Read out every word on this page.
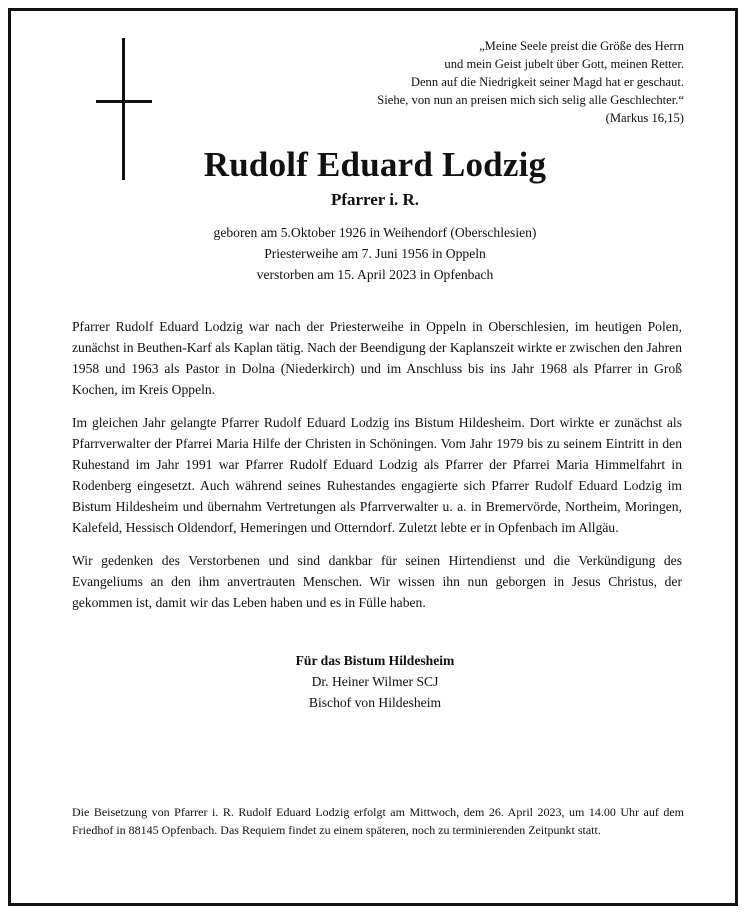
„Meine Seele preist die Größe des Herrn

und mein Geist jubelt über Gott, meinen Retter.

Denn auf die Niedrigkeit seiner Magd hat er geschaut.

Siehe, von nun an preisen mich sich selig alle Geschlechter.“

(Markus 16,15)

Rudolf Eduard Lodzig
Pfarrer i. R.

geboren am 5.Oktober 1926 in Weihendorf (Oberschlesien)

Priesterweihe am 7. Juni 1956 in Oppeln

verstorben am 15. April 2023 in Opfenbach

Pfarrer Rudolf Eduard Lodzig war nach der Priesterweihe in Oppeln in Oberschlesien, im heutigen Polen, zunächst in Beuthen-Karf als Kaplan tätig. Nach der Beendigung der Kaplanszeit wirkte er zwischen den Jahren 1958 und 1963 als Pastor in Dolna (Niederkirch) und im Anschluss bis ins Jahr 1968 als Pfarrer in Groß Kochen, im Kreis Oppeln.

Im gleichen Jahr gelangte Pfarrer Rudolf Eduard Lodzig ins Bistum Hildesheim. Dort wirkte er zunächst als Pfarrverwalter der Pfarrei Maria Hilfe der Christen in Schöningen. Vom Jahr 1979 bis zu seinem Eintritt in den Ruhestand im Jahr 1991 war Pfarrer Rudolf Eduard Lodzig als Pfarrer der Pfarrei Maria Himmelfahrt in Rodenberg eingesetzt. Auch während seines Ruhestandes engagierte sich Pfarrer Rudolf Eduard Lodzig im Bistum Hildesheim und übernahm Vertretungen als Pfarrverwalter u. a. in Bremervörde, Northeim, Moringen, Kalefeld, Hessisch Oldendorf, Hemeringen und Otterndorf. Zuletzt lebte er in Opfenbach im Allgäu.

Wir gedenken des Verstorbenen und sind dankbar für seinen Hirtendienst und die Verkündigung des Evangeliums an den ihm anvertrauten Menschen. Wir wissen ihn nun geborgen in Jesus Christus, der gekommen ist, damit wir das Leben haben und es in Fülle haben.

Für das Bistum Hildesheim

Dr. Heiner Wilmer SCJ

Bischof von Hildesheim

Die Beisetzung von Pfarrer i. R. Rudolf Eduard Lodzig erfolgt am Mittwoch, dem 26. April 2023, um 14.00 Uhr auf dem Friedhof in 88145 Opfenbach. Das Requiem findet zu einem späteren, noch zu terminierenden Zeitpunkt statt.
